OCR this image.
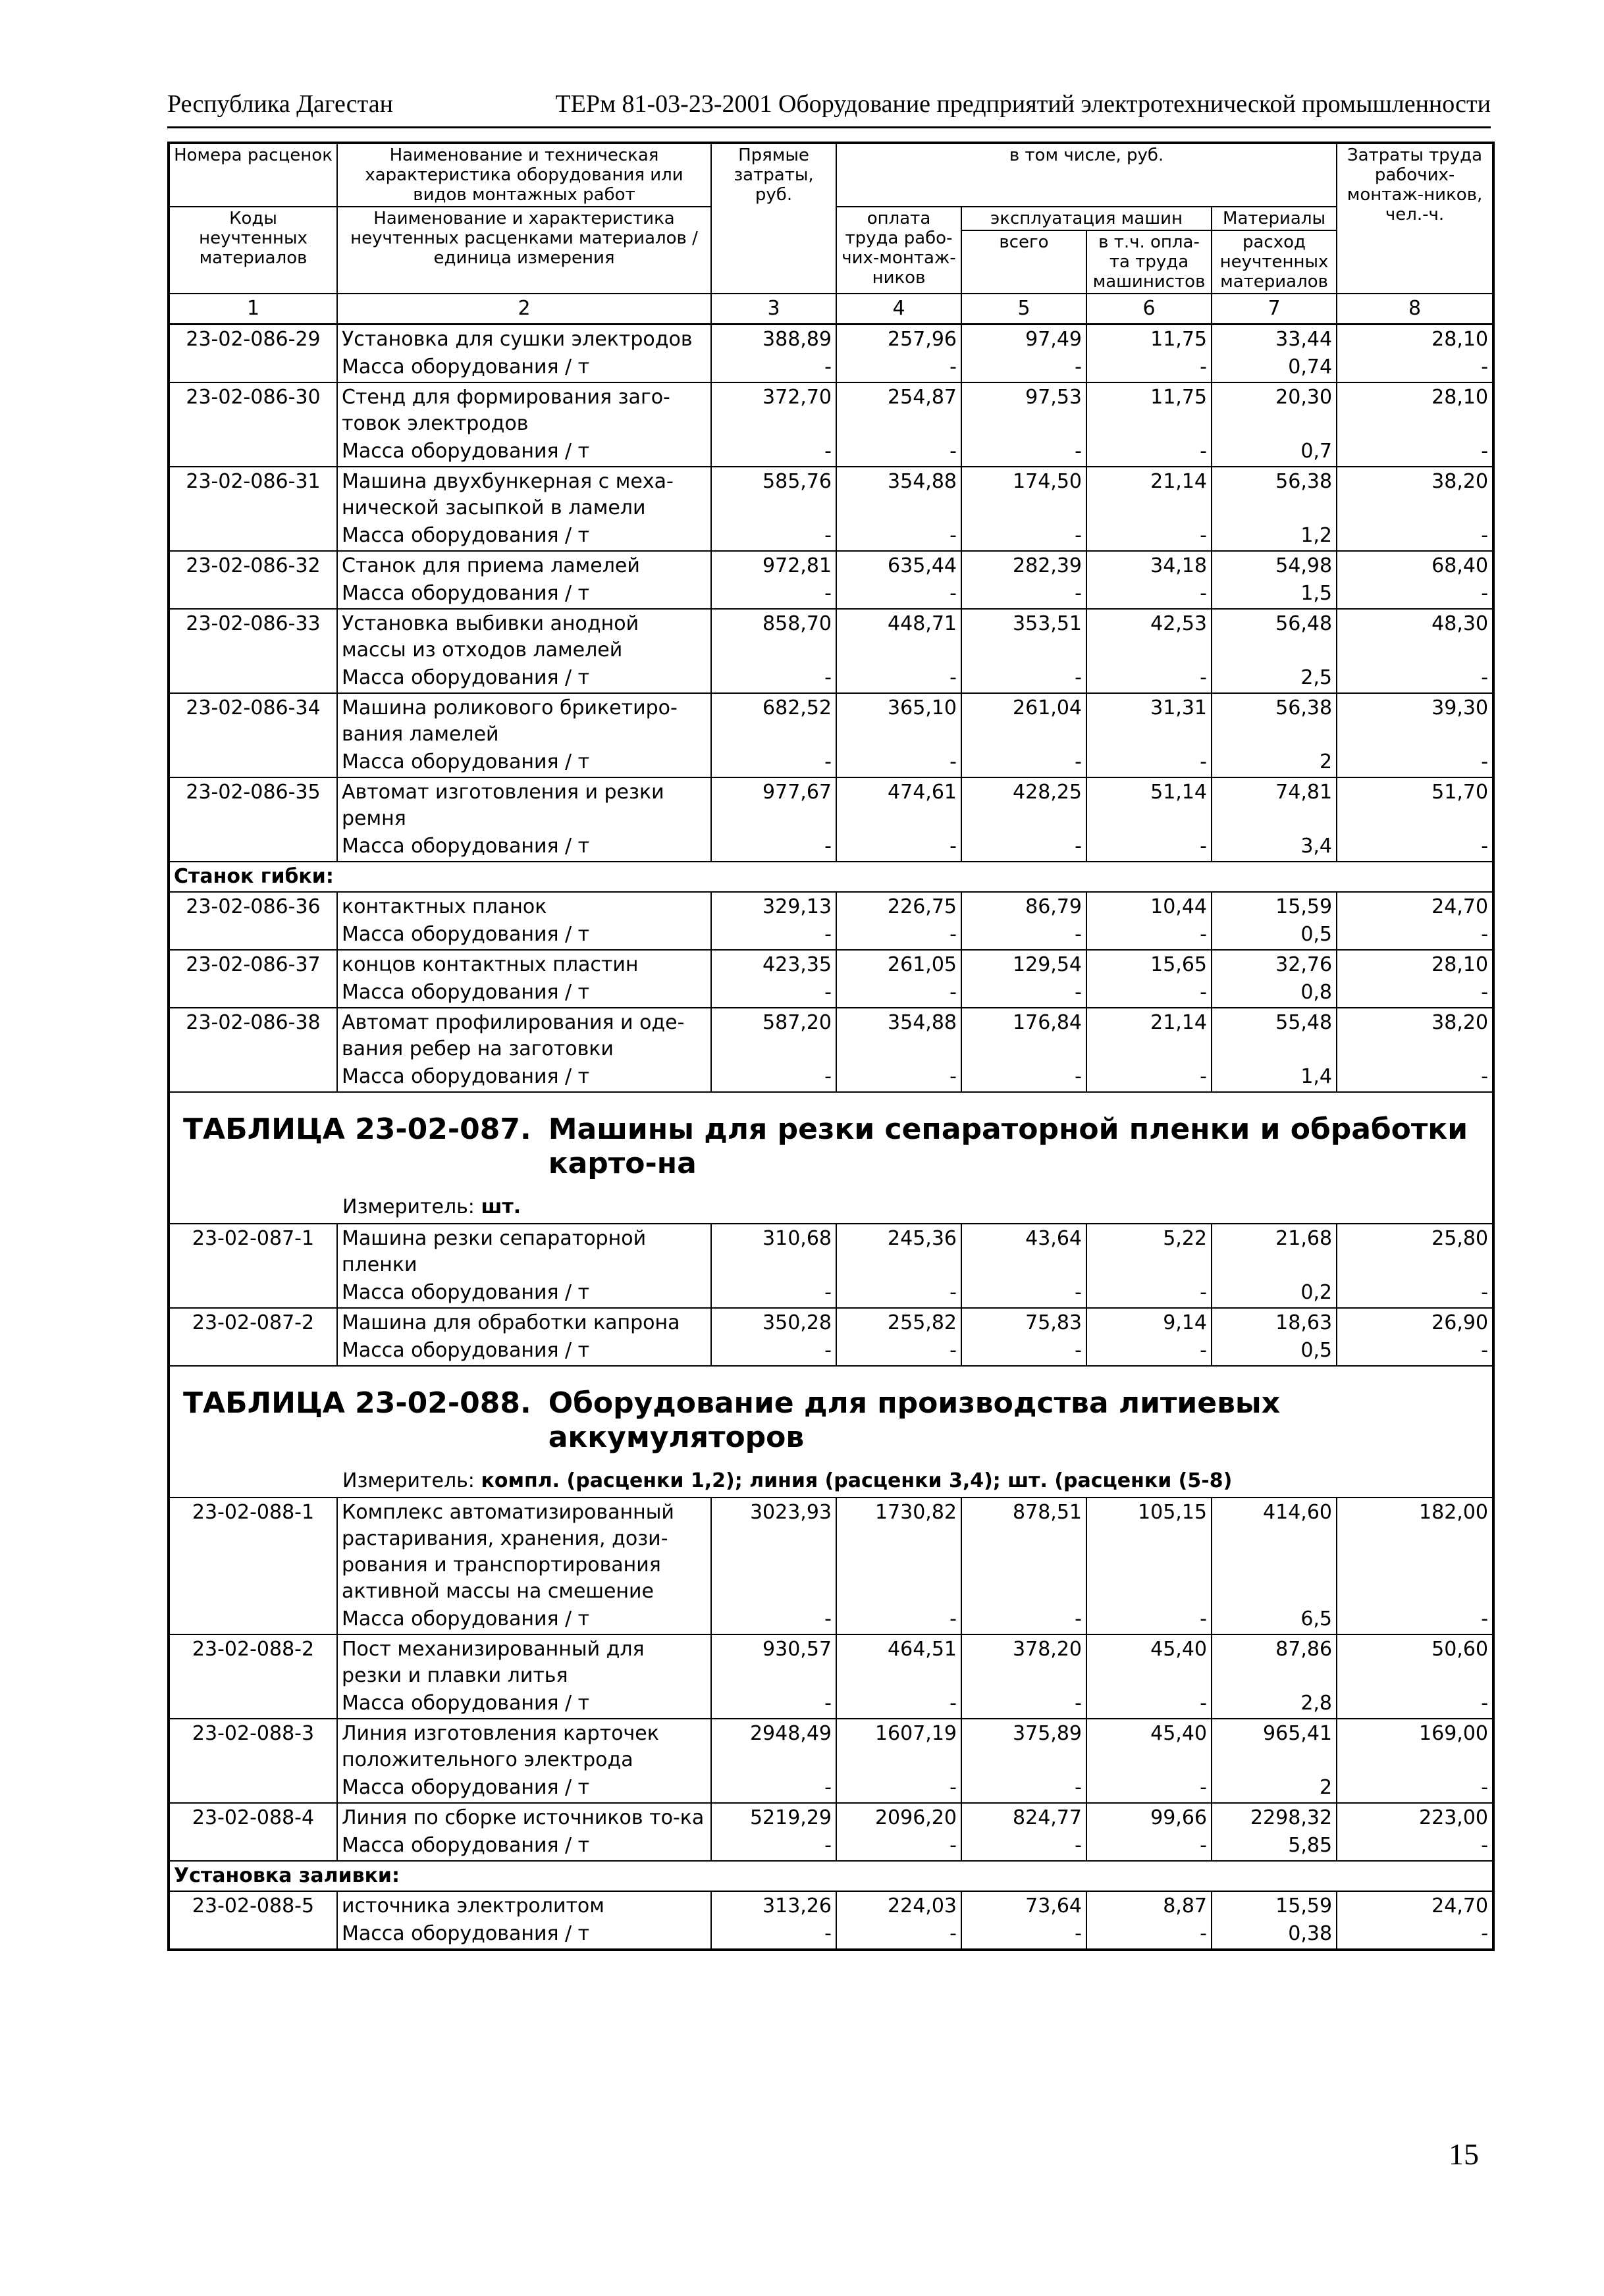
Республика Дагестан	ТЕРм 81-03-23-2001 Оборудование предприятий электротехнической промышленности
Номера расценок	Наименование и техническая характеристика оборудования или видов монтажных работ	Прямые затраты, руб.	в том числе, руб.				Затраты труда рабочих-монтаж-ников, чел.-ч.
Коды неучтенных материалов	Наименование и характеристика неучтенных расценками материалов / единица измерения		оплата труда рабо-чих-монтаж-ников	эксплуатация машин		Материалы	
				всего	в т.ч. опла-та труда машинистов	расход неучтенных материалов	
1	2	3	4	5	6	7	8
23-02-086-29	Установка для сушки электродов	388,89	257,96	97,49	11,75	33,44	28,10
	Масса оборудования / т	-	-	-	-	0,74	-
23-02-086-30	Стенд для формирования заго-товок электродов	372,70	254,87	97,53	11,75	20,30	28,10
	Масса оборудования / т	-	-	-	-	0,7	-
23-02-086-31	Машина двухбункерная с меха-нической засыпкой в ламели	585,76	354,88	174,50	21,14	56,38	38,20
	Масса оборудования / т	-	-	-	-	1,2	-
23-02-086-32	Станок для приема ламелей	972,81	635,44	282,39	34,18	54,98	68,40
	Масса оборудования / т	-	-	-	-	1,5	-
23-02-086-33	Установка выбивки анодной массы из отходов ламелей	858,70	448,71	353,51	42,53	56,48	48,30
	Масса оборудования / т	-	-	-	-	2,5	-
23-02-086-34	Машина роликового брикетиро-вания ламелей	682,52	365,10	261,04	31,31	56,38	39,30
	Масса оборудования / т	-	-	-	-	2	-
23-02-086-35	Автомат изготовления и резки ремня	977,67	474,61	428,25	51,14	74,81	51,70
	Масса оборудования / т	-	-	-	-	3,4	-
Станок гибки:							
23-02-086-36	контактных планок	329,13	226,75	86,79	10,44	15,59	24,70
	Масса оборудования / т	-	-	-	-	0,5	-
23-02-086-37	концов контактных пластин	423,35	261,05	129,54	15,65	32,76	28,10
	Масса оборудования / т	-	-	-	-	0,8	-
23-02-086-38	Автомат профилирования и оде-вания ребер на заготовки	587,20	354,88	176,84	21,14	55,48	38,20
	Масса оборудования / т	-	-	-	-	1,4	-

ТАБЛИЦА 23-02-087. Машины для резки сепараторной пленки и обработки карто-на							

Измеритель: шт.							
23-02-087-1	Машина резки сепараторной пленки	310,68	245,36	43,64	5,22	21,68	25,80
	Масса оборудования / т	-	-	-	-	0,2	-
23-02-087-2	Машина для обработки капрона	350,28	255,82	75,83	9,14	18,63	26,90
	Масса оборудования / т	-	-	-	-	0,5	-

ТАБЛИЦА 23-02-088. Оборудование для производства литиевых аккумуляторов							

Измеритель: компл. (расценки 1,2); линия (расценки 3,4); шт. (расценки (5-8)							
23-02-088-1	Комплекс автоматизированный растаривания, хранения, дози-рования и транспортирования активной массы на смешение	3023,93	1730,82	878,51	105,15	414,60	182,00
	Масса оборудования / т	-	-	-	-	6,5	-
23-02-088-2	Пост механизированный для резки и плавки литья	930,57	464,51	378,20	45,40	87,86	50,60
	Масса оборудования / т	-	-	-	-	2,8	-
23-02-088-3	Линия изготовления карточек положительного электрода	2948,49	1607,19	375,89	45,40	965,41	169,00
	Масса оборудования / т	-	-	-	-	2	-
23-02-088-4	Линия по сборке источников то-ка	5219,29	2096,20	824,77	99,66	2298,32	223,00
	Масса оборудования / т	-	-	-	-	5,85	-
Установка заливки:							
23-02-088-5	источника электролитом	313,26	224,03	73,64	8,87	15,59	24,70
	Масса оборудования / т	-	-	-	-	0,38	-
15
